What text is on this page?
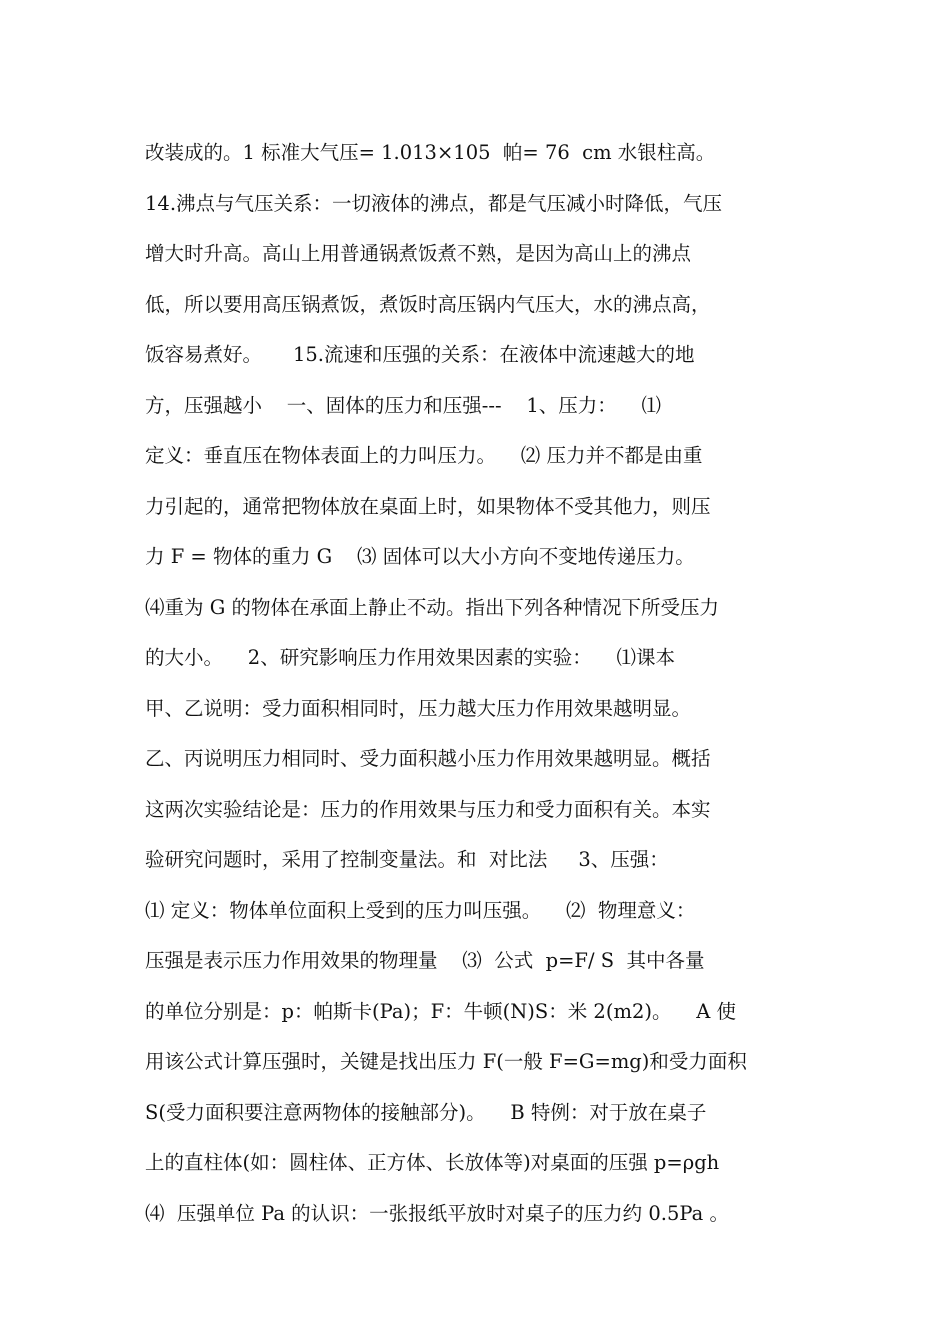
改装成的。1 标准大气压= 1.013×105  帕= 76  cm 水银柱高。
14.沸点与气压关系：一切液体的沸点，都是气压减小时降低，气压
增大时升高。高山上用普通锅煮饭煮不熟，是因为高山上的沸点
低，所以要用高压锅煮饭，煮饭时高压锅内气压大，水的沸点高，
饭容易煮好。     15.流速和压强的关系：在液体中流速越大的地
方，压强越小    一、固体的压力和压强---    1、压力：    ⑴
定义：垂直压在物体表面上的力叫压力。    ⑵ 压力并不都是由重
力引起的，通常把物体放在桌面上时，如果物体不受其他力，则压
力 F = 物体的重力 G    ⑶ 固体可以大小方向不变地传递压力。
⑷重为 G 的物体在承面上静止不动。指出下列各种情况下所受压力
的大小。    2、研究影响压力作用效果因素的实验：    ⑴课本
甲、乙说明：受力面积相同时，压力越大压力作用效果越明显。
乙、丙说明压力相同时、受力面积越小压力作用效果越明显。概括
这两次实验结论是：压力的作用效果与压力和受力面积有关。本实
验研究问题时，采用了控制变量法。和  对比法     3、压强：
⑴ 定义：物体单位面积上受到的压力叫压强。    ⑵  物理意义：
压强是表示压力作用效果的物理量    ⑶  公式  p=F/ S  其中各量
的单位分别是：p：帕斯卡(Pa)；F：牛顿(N)S：米 2(m2)。    A 使
用该公式计算压强时，关键是找出压力 F(一般 F=G=mg)和受力面积
S(受力面积要注意两物体的接触部分)。    B 特例：对于放在桌子
上的直柱体(如：圆柱体、正方体、长放体等)对桌面的压强 p=ρgh
⑷  压强单位 Pa 的认识：一张报纸平放时对桌子的压力约 0.5Pa 。
